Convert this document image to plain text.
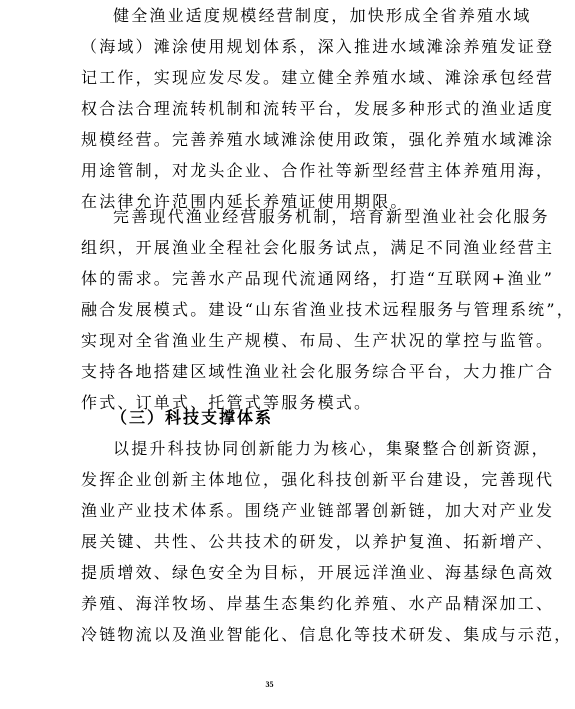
健全渔业适度规模经营制度，加快形成全省养殖水域
（海域）滩涂使用规划体系，深入推进水域滩涂养殖发证登
记工作，实现应发尽发。建立健全养殖水域、滩涂承包经营
权合法合理流转机制和流转平台，发展多种形式的渔业适度
规模经营。完善养殖水域滩涂使用政策，强化养殖水域滩涂
用途管制，对龙头企业、合作社等新型经营主体养殖用海，
在法律允许范围内延长养殖证使用期限。
完善现代渔业经营服务机制，培育新型渔业社会化服务
组织，开展渔业全程社会化服务试点，满足不同渔业经营主
体的需求。完善水产品现代流通网络，打造“互联网+渔业”
融合发展模式。建设“山东省渔业技术远程服务与管理系统”，
实现对全省渔业生产规模、布局、生产状况的掌控与监管。
支持各地搭建区域性渔业社会化服务综合平台，大力推广合
作式、订单式、托管式等服务模式。
（三）科技支撑体系
以提升科技协同创新能力为核心，集聚整合创新资源，
发挥企业创新主体地位，强化科技创新平台建设，完善现代
渔业产业技术体系。围绕产业链部署创新链，加大对产业发
展关键、共性、公共技术的研发，以养护复渔、拓新增产、
提质增效、绿色安全为目标，开展远洋渔业、海基绿色高效
养殖、海洋牧场、岸基生态集约化养殖、水产品精深加工、
冷链物流以及渔业智能化、信息化等技术研发、集成与示范，
35
